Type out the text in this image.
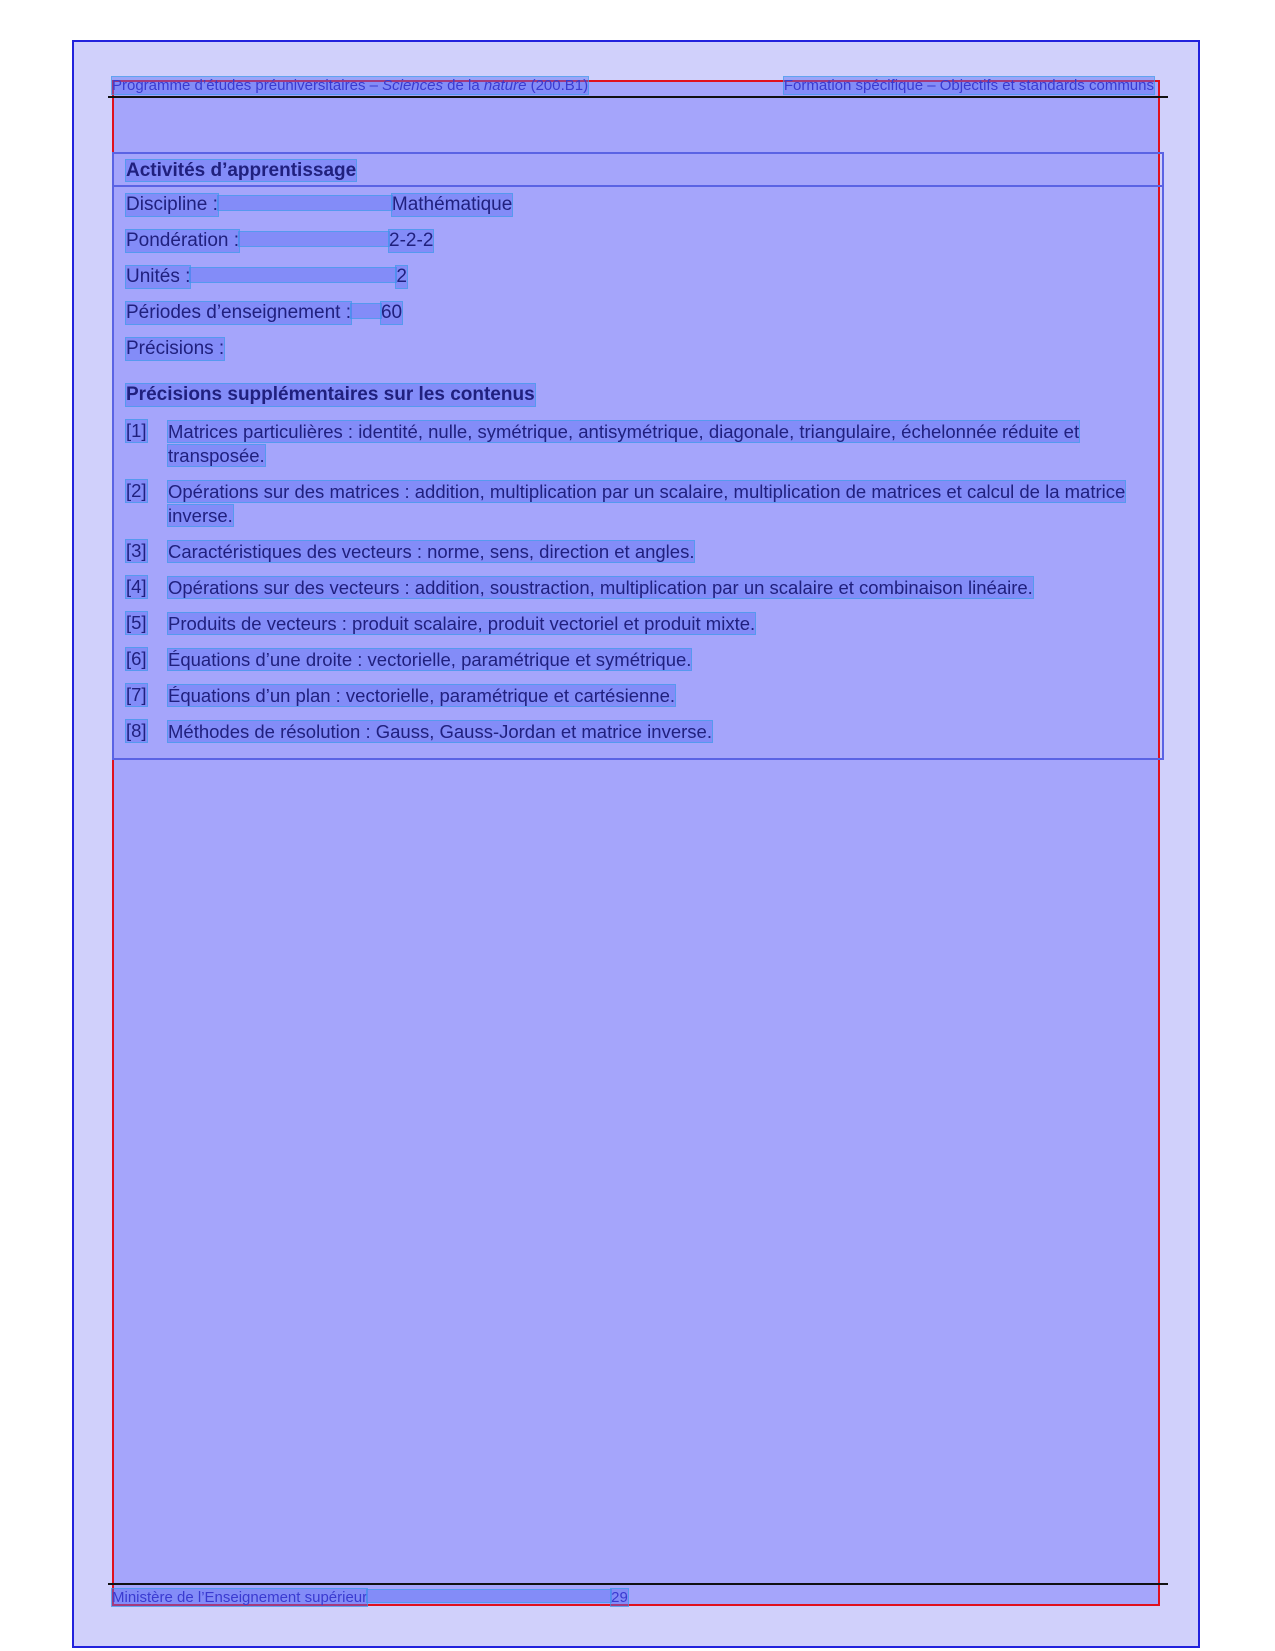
Programme d’études préuniversitaires – Sciences de la nature (200.B1)	Formation spécifique – Objectifs et standards communs
Activités d’apprentissage
Discipline :	Mathématique
Pondération :	2-2-2
Unités :	2
Périodes d’enseignement : 60
Précisions :
Précisions supplémentaires sur les contenus
[1] Matrices particulières : identité, nulle, symétrique, antisymétrique, diagonale, triangulaire, échelonnée réduite et transposée.
[2] Opérations sur des matrices : addition, multiplication par un scalaire, multiplication de matrices et calcul de la matrice inverse.
[3] Caractéristiques des vecteurs : norme, sens, direction et angles.
[4] Opérations sur des vecteurs : addition, soustraction, multiplication par un scalaire et combinaison linéaire.
[5] Produits de vecteurs : produit scalaire, produit vectoriel et produit mixte.
[6] Équations d’une droite : vectorielle, paramétrique et symétrique.
[7] Équations d’un plan : vectorielle, paramétrique et cartésienne.
[8] Méthodes de résolution : Gauss, Gauss-Jordan et matrice inverse.
Ministère de l’Enseignement supérieur	29
